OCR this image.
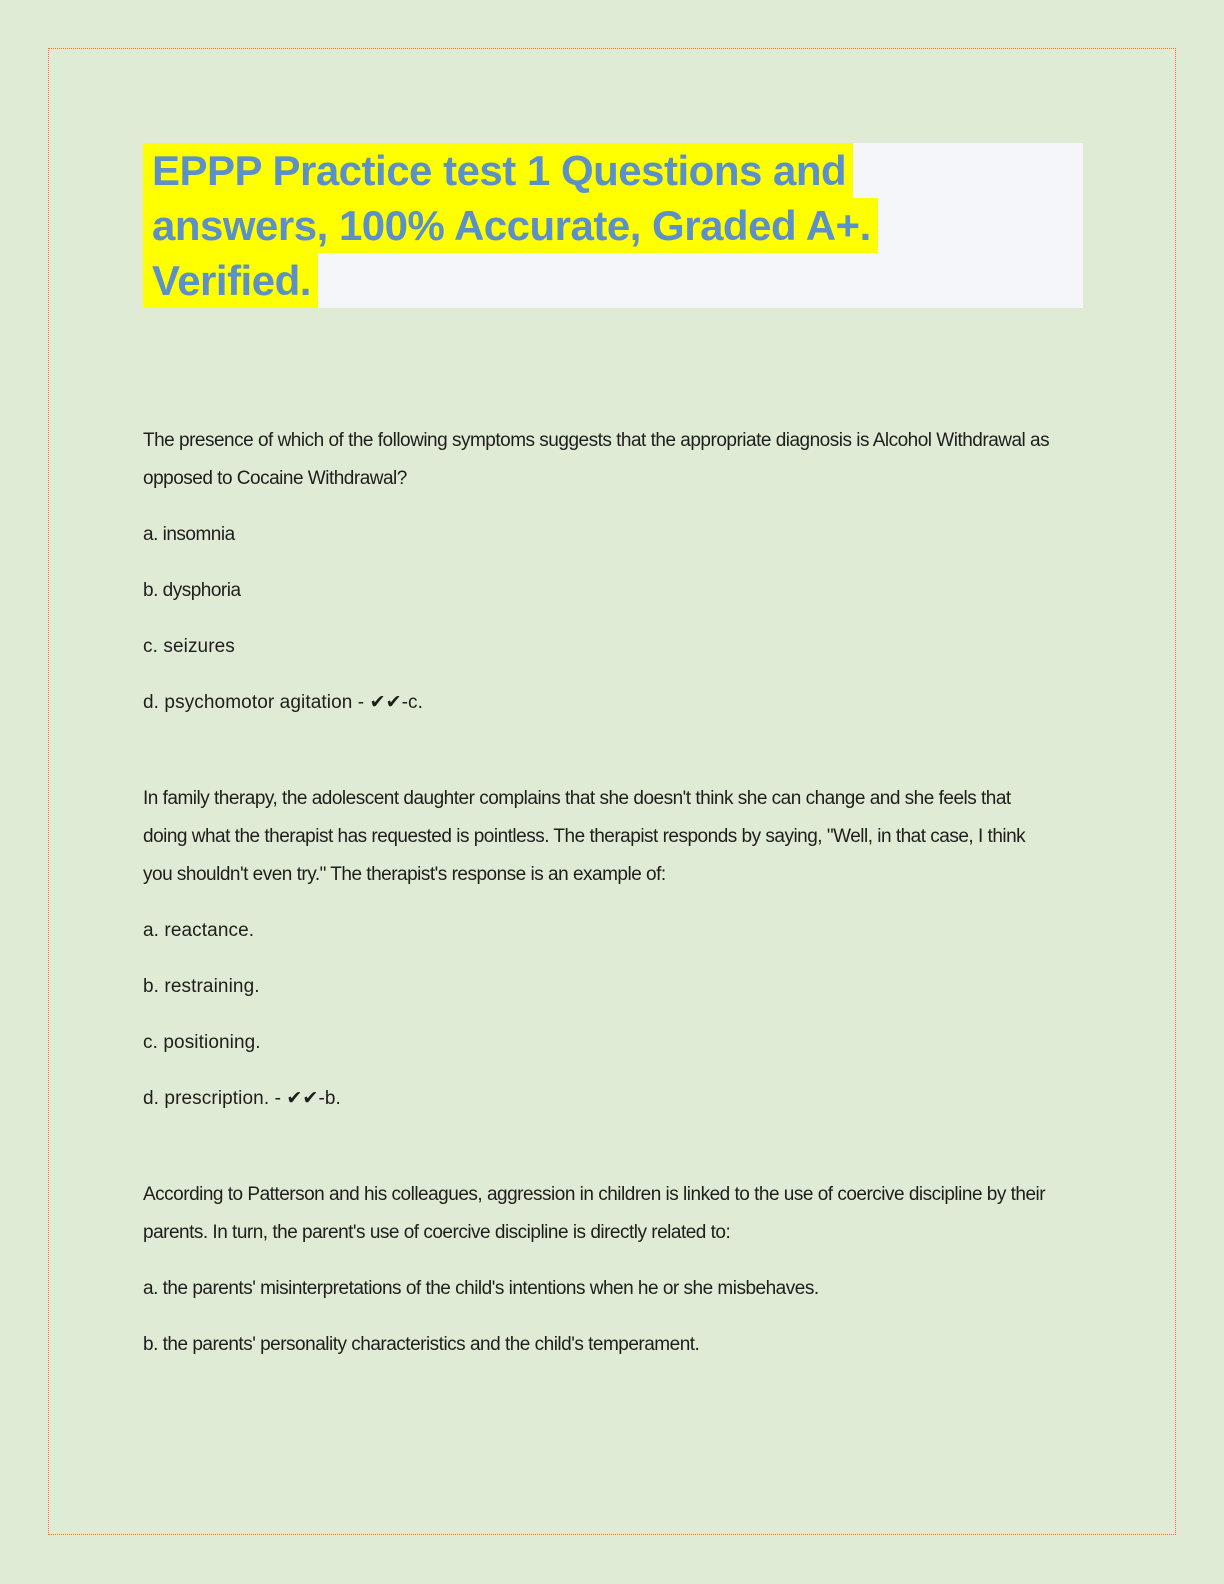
EPPP Practice test 1 Questions and
answers, 100% Accurate, Graded A+.
Verified.

The presence of which of the following symptoms suggests that the appropriate diagnosis is Alcohol Withdrawal as opposed to Cocaine Withdrawal?

a. insomnia

b. dysphoria

c. seizures

d. psychomotor agitation - ✔✔-c.

In family therapy, the adolescent daughter complains that she doesn't think she can change and she feels that doing what the therapist has requested is pointless. The therapist responds by saying, "Well, in that case, I think you shouldn't even try." The therapist's response is an example of:

a. reactance.

b. restraining.

c. positioning.

d. prescription. - ✔✔-b.

According to Patterson and his colleagues, aggression in children is linked to the use of coercive discipline by their parents. In turn, the parent's use of coercive discipline is directly related to:

a. the parents' misinterpretations of the child's intentions when he or she misbehaves.

b. the parents' personality characteristics and the child's temperament.
